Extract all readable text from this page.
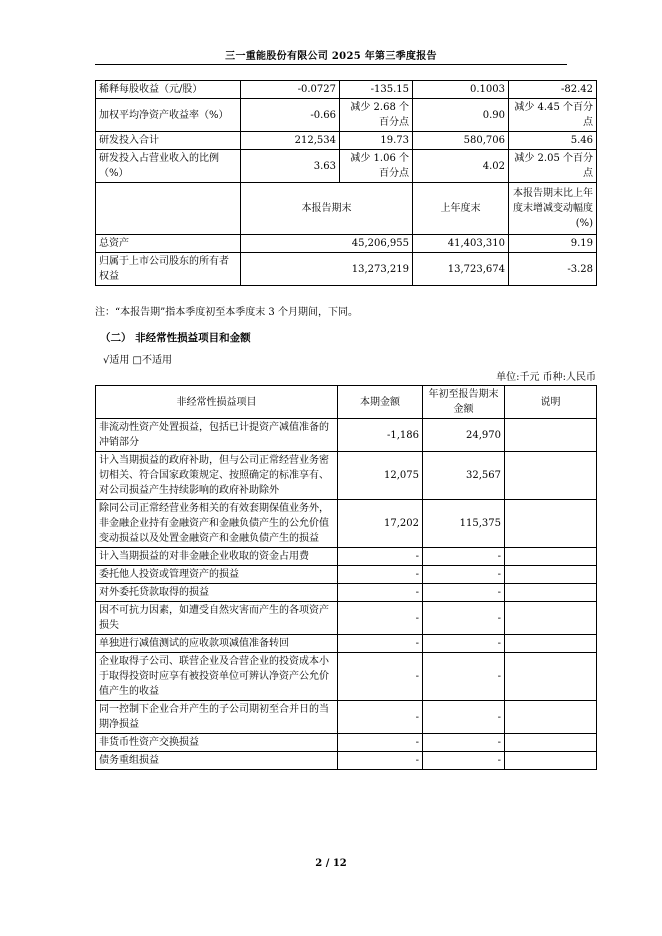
三一重能股份有限公司 2025 年第三季度报告
稀释每股收益（元/股）	-0.0727	-135.15	0.1003	-82.42
加权平均净资产收益率（%）	-0.66	减少 2.68 个百分点	0.90	减少 4.45 个百分点
研发投入合计	212,534	19.73	580,706	5.46
研发投入占营业收入的比例（%）	3.63	减少 1.06 个百分点	4.02	减少 2.05 个百分点
	本报告期末		上年度末	本报告期末比上年度末增减变动幅度(%)
总资产	45,206,955		41,403,310	9.19
归属于上市公司股东的所有者权益	13,273,219		13,723,674	-3.28
注：“本报告期”指本季度初至本季度末 3 个月期间，下同。
（二） 非经常性损益项目和金额
√适用 □不适用
单位:千元 币种:人民币
非经常性损益项目	本期金额	年初至报告期末金额	说明
非流动性资产处置损益，包括已计提资产减值准备的冲销部分	-1,186	24,970	
计入当期损益的政府补助，但与公司正常经营业务密切相关、符合国家政策规定、按照确定的标准享有、对公司损益产生持续影响的政府补助除外	12,075	32,567	
除同公司正常经营业务相关的有效套期保值业务外，非金融企业持有金融资产和金融负债产生的公允价值变动损益以及处置金融资产和金融负债产生的损益	17,202	115,375	
计入当期损益的对非金融企业收取的资金占用费	-	-	
委托他人投资或管理资产的损益	-	-	
对外委托贷款取得的损益	-	-	
因不可抗力因素，如遭受自然灾害而产生的各项资产损失	-	-	
单独进行减值测试的应收款项减值准备转回	-	-	
企业取得子公司、联营企业及合营企业的投资成本小于取得投资时应享有被投资单位可辨认净资产公允价值产生的收益	-	-	
同一控制下企业合并产生的子公司期初至合并日的当期净损益	-	-	
非货币性资产交换损益	-	-	
债务重组损益	-	-	
2 / 12
